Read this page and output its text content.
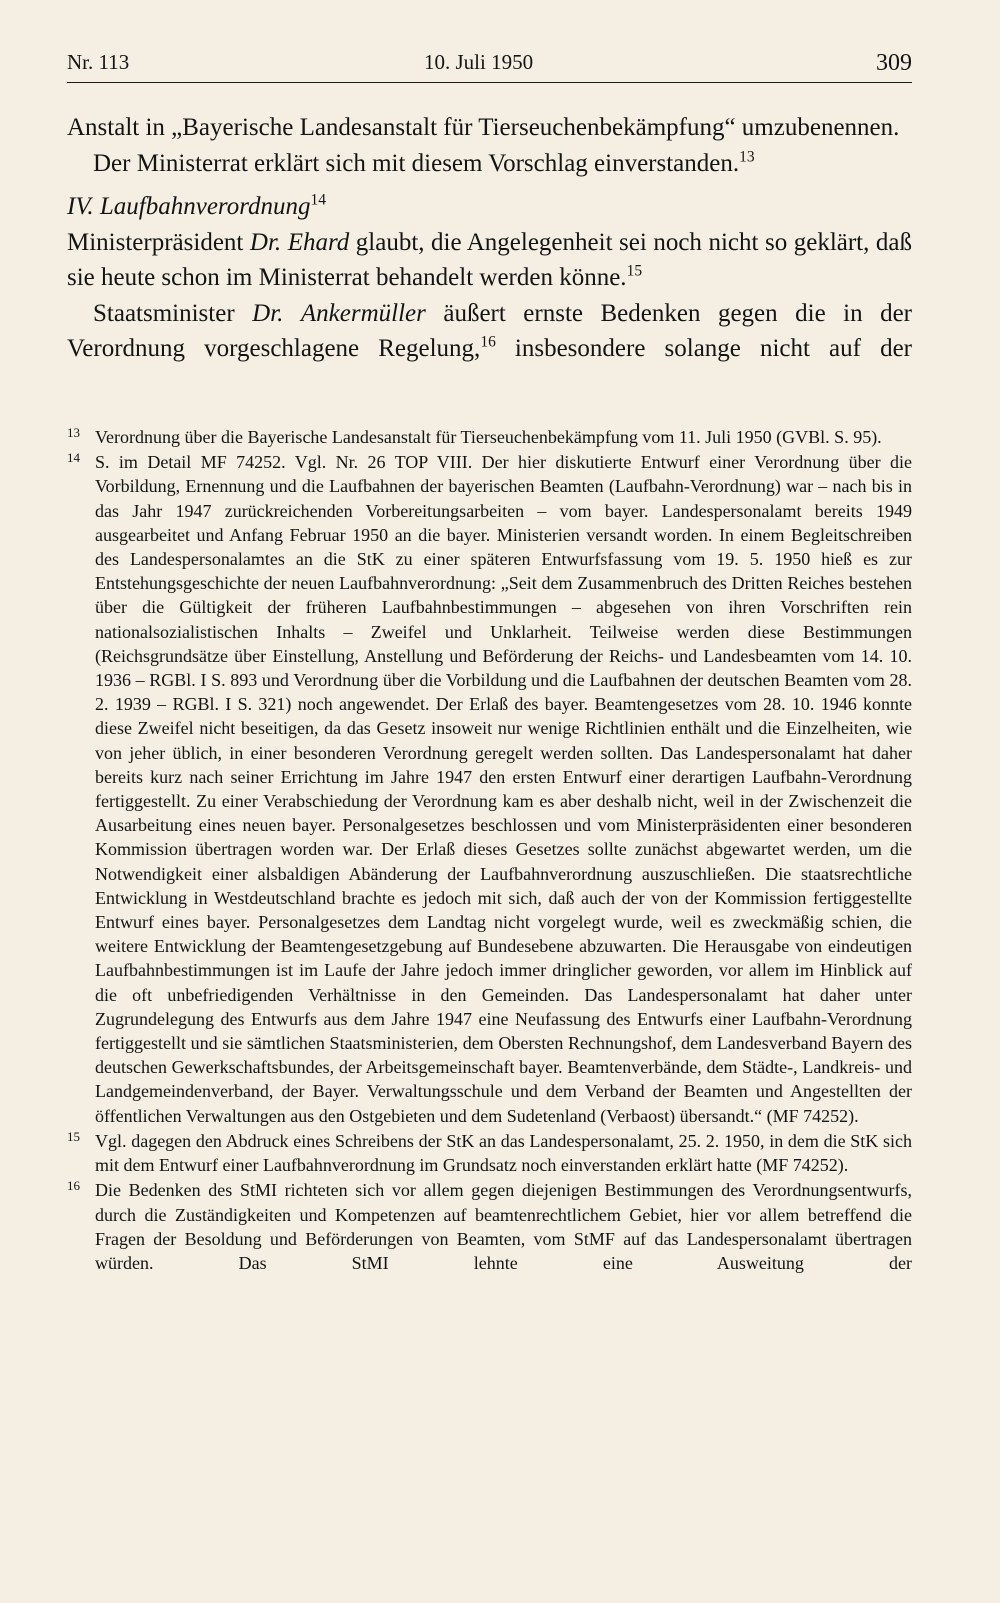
Nr. 113	10. Juli 1950	309

Anstalt in „Bayerische Landesanstalt für Tierseuchenbekämpfung“ umzubenennen.

Der Ministerrat erklärt sich mit diesem Vorschlag einverstanden.$^{13}$

IV. Laufbahnverordnung$^{14}$

Ministerpräsident Dr. Ehard glaubt, die Angelegenheit sei noch nicht so geklärt, daß sie heute schon im Ministerrat behandelt werden könne.$^{15}$

Staatsminister Dr. Ankermüller äußert ernste Bedenken gegen die in der Verordnung vorgeschlagene Regelung,$^{16}$ insbesondere solange nicht auf der

13 Verordnung über die Bayerische Landesanstalt für Tierseuchenbekämpfung vom 11. Juli 1950 (GVBl. S. 95).
14 S. im Detail MF 74252. Vgl. Nr. 26 TOP VIII. Der hier diskutierte Entwurf einer Verordnung über die Vorbildung, Ernennung und die Laufbahnen der bayerischen Beamten (Laufbahn-Verordnung) war – nach bis in das Jahr 1947 zurückreichenden Vorbereitungsarbeiten – vom bayer. Landespersonalamt bereits 1949 ausgearbeitet und Anfang Februar 1950 an die bayer. Ministerien versandt worden. In einem Begleitschreiben des Landespersonalamtes an die StK zu einer späteren Entwurfsfassung vom 19. 5. 1950 hieß es zur Entstehungsgeschichte der neuen Laufbahnverordnung: „Seit dem Zusammenbruch des Dritten Reiches bestehen über die Gültigkeit der früheren Laufbahnbestimmungen – abgesehen von ihren Vorschriften rein nationalsozialistischen Inhalts – Zweifel und Unklarheit. Teilweise werden diese Bestimmungen (Reichsgrundsätze über Einstellung, Anstellung und Beförderung der Reichs- und Landesbeamten vom 14. 10. 1936 – RGBl. I S. 893 und Verordnung über die Vorbildung und die Laufbahnen der deutschen Beamten vom 28. 2. 1939 – RGBl. I S. 321) noch angewendet. Der Erlaß des bayer. Beamtengesetzes vom 28. 10. 1946 konnte diese Zweifel nicht beseitigen, da das Gesetz insoweit nur wenige Richtlinien enthält und die Einzelheiten, wie von jeher üblich, in einer besonderen Verordnung geregelt werden sollten. Das Landespersonalamt hat daher bereits kurz nach seiner Errichtung im Jahre 1947 den ersten Entwurf einer derartigen Laufbahn-Verordnung fertiggestellt. Zu einer Verabschiedung der Verordnung kam es aber deshalb nicht, weil in der Zwischenzeit die Ausarbeitung eines neuen bayer. Personalgesetzes beschlossen und vom Ministerpräsidenten einer besonderen Kommission übertragen worden war. Der Erlaß dieses Gesetzes sollte zunächst abgewartet werden, um die Notwendigkeit einer alsbaldigen Abänderung der Laufbahnverordnung auszuschließen. Die staatsrechtliche Entwicklung in Westdeutschland brachte es jedoch mit sich, daß auch der von der Kommission fertiggestellte Entwurf eines bayer. Personalgesetzes dem Landtag nicht vorgelegt wurde, weil es zweckmäßig schien, die weitere Entwicklung der Beamtengesetzgebung auf Bundesebene abzuwarten. Die Herausgabe von eindeutigen Laufbahnbestimmungen ist im Laufe der Jahre jedoch immer dringlicher geworden, vor allem im Hinblick auf die oft unbefriedigenden Verhältnisse in den Gemeinden. Das Landespersonalamt hat daher unter Zugrundelegung des Entwurfs aus dem Jahre 1947 eine Neufassung des Entwurfs einer Laufbahn-Verordnung fertiggestellt und sie sämtlichen Staatsministerien, dem Obersten Rechnungshof, dem Landesverband Bayern des deutschen Gewerkschaftsbundes, der Arbeitsgemeinschaft bayer. Beamtenverbände, dem Städte-, Landkreis- und Landgemeindenverband, der Bayer. Verwaltungsschule und dem Verband der Beamten und Angestellten der öffentlichen Verwaltungen aus den Ostgebieten und dem Sudetenland (Verbaost) übersandt.“ (MF 74252).
15 Vgl. dagegen den Abdruck eines Schreibens der StK an das Landespersonalamt, 25. 2. 1950, in dem die StK sich mit dem Entwurf einer Laufbahnverordnung im Grundsatz noch einverstanden erklärt hatte (MF 74252).
16 Die Bedenken des StMI richteten sich vor allem gegen diejenigen Bestimmungen des Verordnungsentwurfs, durch die Zuständigkeiten und Kompetenzen auf beamtenrechtlichem Gebiet, hier vor allem betreffend die Fragen der Besoldung und Beförderungen von Beamten, vom StMF auf das Landespersonalamt übertragen würden. Das StMI lehnte eine Ausweitung der
